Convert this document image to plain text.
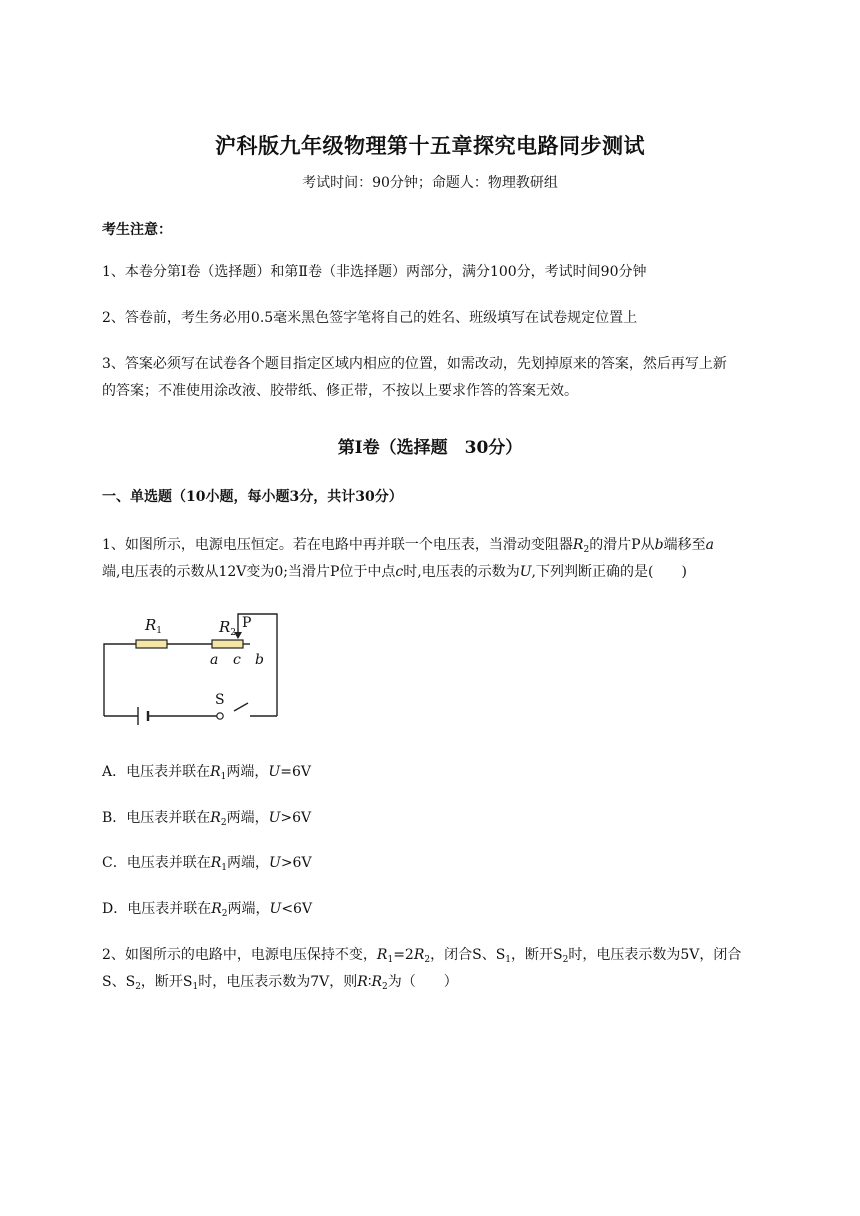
沪科版九年级物理第十五章探究电路同步测试
考试时间：90分钟；命题人：物理教研组
考生注意：
1、本卷分第Ⅰ卷（选择题）和第Ⅱ卷（非选择题）两部分，满分100分，考试时间90分钟
2、答卷前，考生务必用0.5毫米黑色签字笔将自己的姓名、班级填写在试卷规定位置上
3、答案必须写在试卷各个题目指定区域内相应的位置，如需改动，先划掉原来的答案，然后再写上新
的答案；不准使用涂改液、胶带纸、修正带，不按以上要求作答的答案无效。
第Ⅰ卷（选择题　30分）
一、单选题（10小题，每小题3分，共计30分）
1、如图所示，电源电压恒定。若在电路中再并联一个电压表，当滑动变阻器$R_2$的滑片P从b端移至a
端,电压表的示数从12V变为0;当滑片P位于中点c时,电压表的示数为U,下列判断正确的是(　　)
$R_1$	$R_2$
P
a c b
S
A．电压表并联在$R_1$两端，U=6V
B．电压表并联在$R_2$两端，U>6V
C．电压表并联在$R_1$两端，U>6V
D．电压表并联在$R_2$两端，U<6V
2、如图所示的电路中，电源电压保持不变，$R_1=2R_2$，闭合S、$S_1$，断开$S_2$时，电压表示数为5V，闭合
S、$S_2$，断开$S_1$时，电压表示数为7V，则$R∶R_2$为（　　）
